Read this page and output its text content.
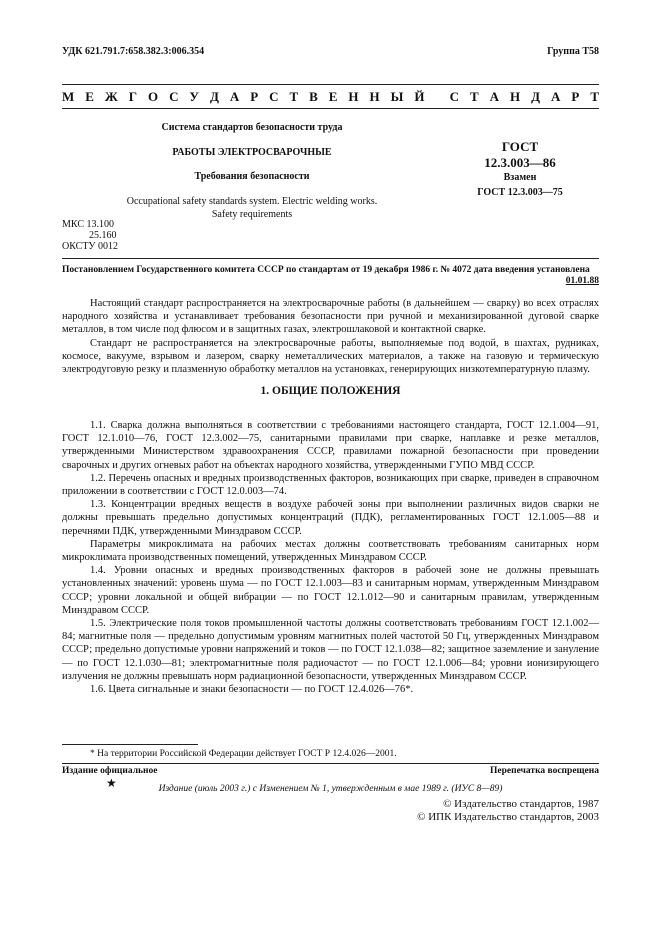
УДК 621.791.7:658.382.3:006.354	Группа Т58
М Е Ж Г О С У Д А Р С Т В Е Н Н Ы Й
С Т А Н Д А Р Т
Система стандартов безопасности труда
РАБОТЫ ЭЛЕКТРОСВАРОЧНЫЕ
Требования безопасности
Occupational safety standards system. Electric welding works.
Safety requirements
ГОСТ
12.3.003—86
Взамен
ГОСТ 12.3.003—75
МКС 13.100
25.160
ОКСТУ 0012
Постановлением Государственного комитета СССР по стандартам от 19 декабря 1986 г. № 4072 дата введения установлена
01.01.88

Настоящий стандарт распространяется на электросварочные работы (в дальнейшем — сварку) во всех отраслях народного хозяйства и устанавливает требования безопасности при ручной и механизированной дуговой сварке металлов, в том числе под флюсом и в защитных газах, электрошлаковой и контактной сварке.

Стандарт не распространяется на электросварочные работы, выполняемые под водой, в шахтах, рудниках, космосе, вакууме, взрывом и лазером, сварку неметаллических материалов, а также на газовую и термическую электродуговую резку и плазменную обработку металлов на установках, генерирующих низкотемпературную плазму.

1. ОБЩИЕ ПОЛОЖЕНИЯ

1.1. Сварка должна выполняться в соответствии с требованиями настоящего стандарта, ГОСТ 12.1.004—91, ГОСТ 12.1.010—76, ГОСТ 12.3.002—75, санитарными правилами при сварке, наплавке и резке металлов, утвержденными Министерством здравоохранения СССР, правилами пожарной безопасности при проведении сварочных и других огневых работ на объектах народного хозяйства, утвержденными ГУПО МВД СССР.

1.2. Перечень опасных и вредных производственных факторов, возникающих при сварке, приведен в справочном приложении в соответствии с ГОСТ 12.0.003—74.

1.3. Концентрации вредных веществ в воздухе рабочей зоны при выполнении различных видов сварки не должны превышать предельно допустимых концентраций (ПДК), регламентированных ГОСТ 12.1.005—88 и перечнями ПДК, утвержденными Минздравом СССР.

Параметры микроклимата на рабочих местах должны соответствовать требованиям санитарных норм микроклимата производственных помещений, утвержденных Минздравом СССР.

1.4. Уровни опасных и вредных производственных факторов в рабочей зоне не должны превышать установленных значений: уровень шума — по ГОСТ 12.1.003—83 и санитарным нормам, утвержденным Минздравом СССР; уровни локальной и общей вибрации — по ГОСТ 12.1.012—90 и санитарным правилам, утвержденным Минздравом СССР.

1.5. Электрические поля токов промышленной частоты должны соответствовать требованиям ГОСТ 12.1.002—84; магнитные поля — предельно допустимым уровням магнитных полей частотой 50 Гц, утвержденных Минздравом СССР; предельно допустимые уровни напряжений и токов — по ГОСТ 12.1.038—82; защитное заземление и зануление — по ГОСТ 12.1.030—81; электромагнитные поля радиочастот — по ГОСТ 12.1.006—84; уровни ионизирующего излучения не должны превышать норм радиационной безопасности, утвержденных Минздравом СССР.

1.6. Цвета сигнальные и знаки безопасности — по ГОСТ 12.4.026—76*.

* На территории Российской Федерации действует ГОСТ Р 12.4.026—2001.
Издание официальное	Перепечатка воспрещена
★	Издание (июль 2003 г.) с Изменением № 1, утвержденным в мае 1989 г. (ИУС 8—89)
© Издательство стандартов, 1987
© ИПК Издательство стандартов, 2003
